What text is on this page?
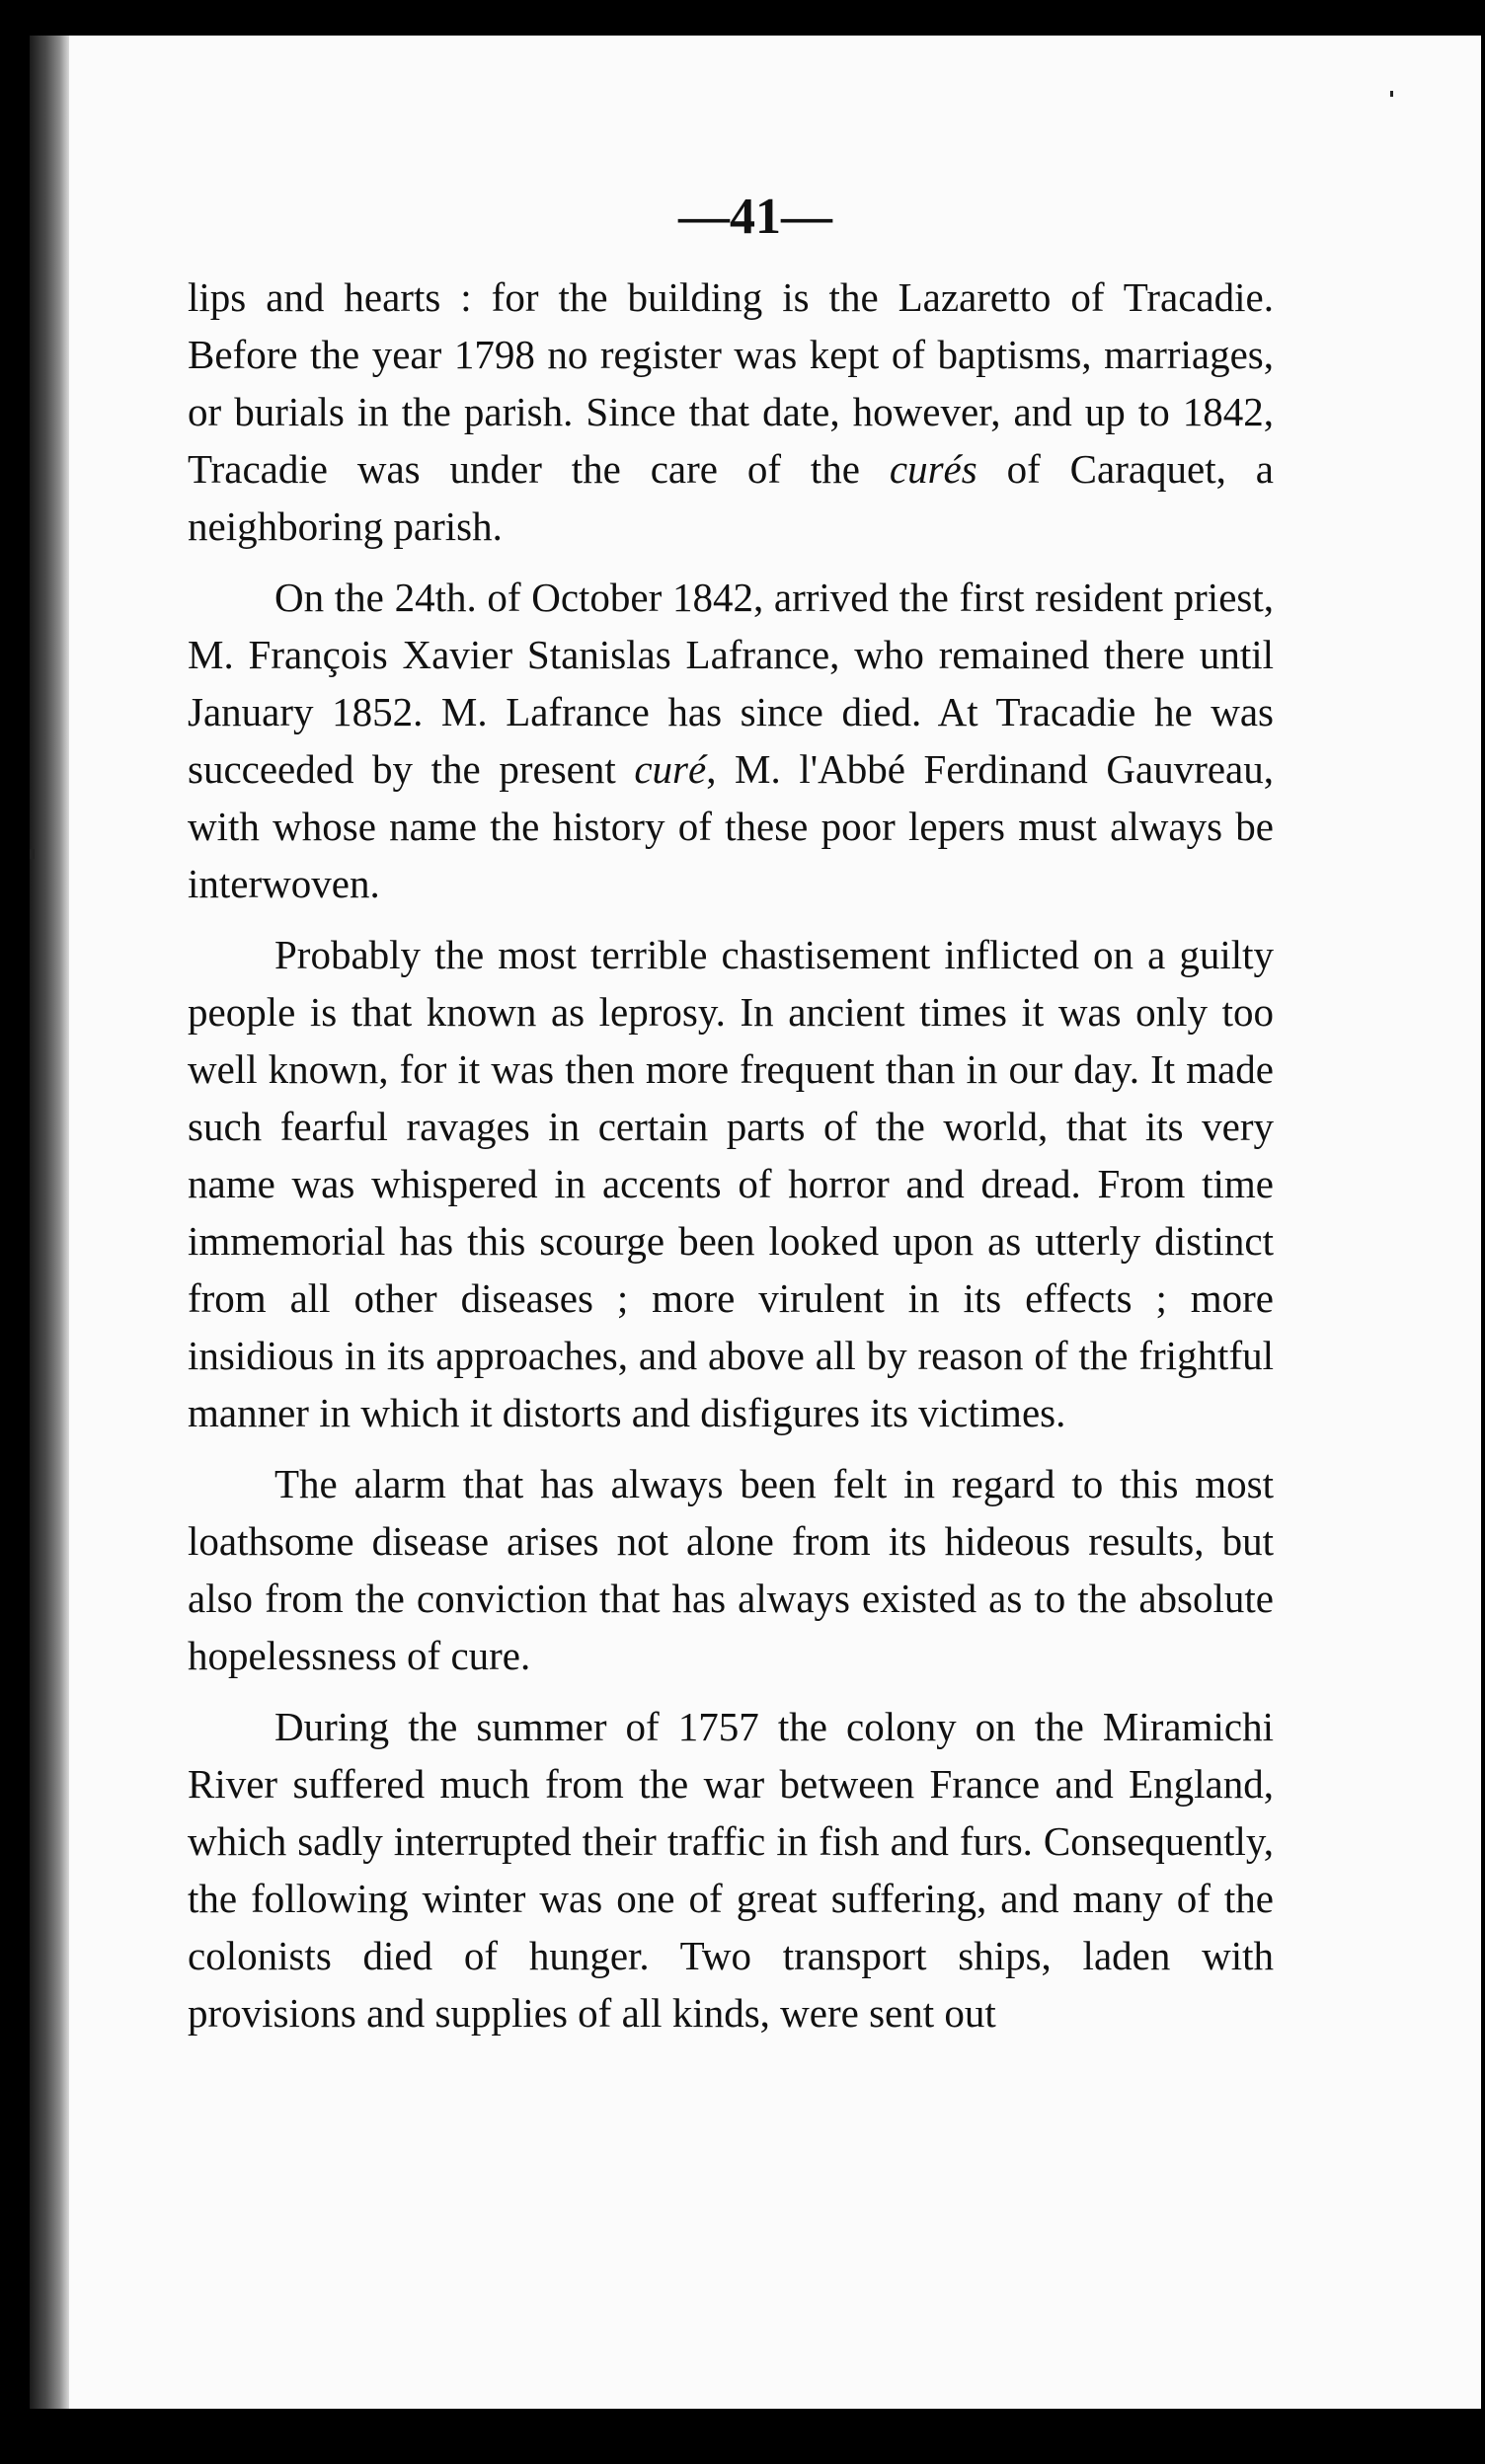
—41—

lips and hearts : for the building is the Lazaretto of Tracadie. Before the year 1798 no register was kept of baptisms, marriages, or burials in the parish. Since that date, however, and up to 1842, Tracadie was under the care of the curés of Caraquet, a neighboring parish.

On the 24th. of October 1842, arrived the first resident priest, M. François Xavier Stanislas Lafrance, who remained there until January 1852. M. Lafrance has since died. At Tracadie he was succeeded by the present curé, M. l'Abbé Ferdinand Gauvreau, with whose name the history of these poor lepers must always be interwoven.

Probably the most terrible chastisement inflicted on a guilty people is that known as leprosy. In ancient times it was only too well known, for it was then more frequent than in our day. It made such fearful ravages in certain parts of the world, that its very name was whispered in accents of horror and dread. From time immemorial has this scourge been looked upon as utterly distinct from all other diseases ; more virulent in its effects ; more insidious in its approaches, and above all by reason of the frightful manner in which it distorts and disfigures its victimes.

The alarm that has always been felt in regard to this most loathsome disease arises not alone from its hideous results, but also from the conviction that has always existed as to the absolute hopelessness of cure.

During the summer of 1757 the colony on the Miramichi River suffered much from the war between France and England, which sadly interrupted their traffic in fish and furs. Consequently, the following winter was one of great suffering, and many of the colonists died of hunger. Two transport ships, laden with provisions and supplies of all kinds, were sent out
